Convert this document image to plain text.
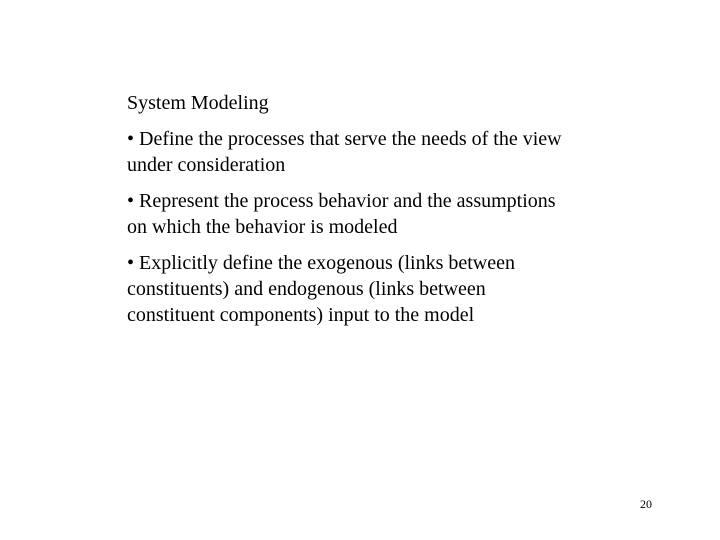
System Modeling
• Define the processes that serve the needs of the view under consideration
• Represent the process behavior and the assumptions on which the behavior is modeled
• Explicitly define the exogenous (links between constituents) and endogenous (links between constituent components) input to the model
20
